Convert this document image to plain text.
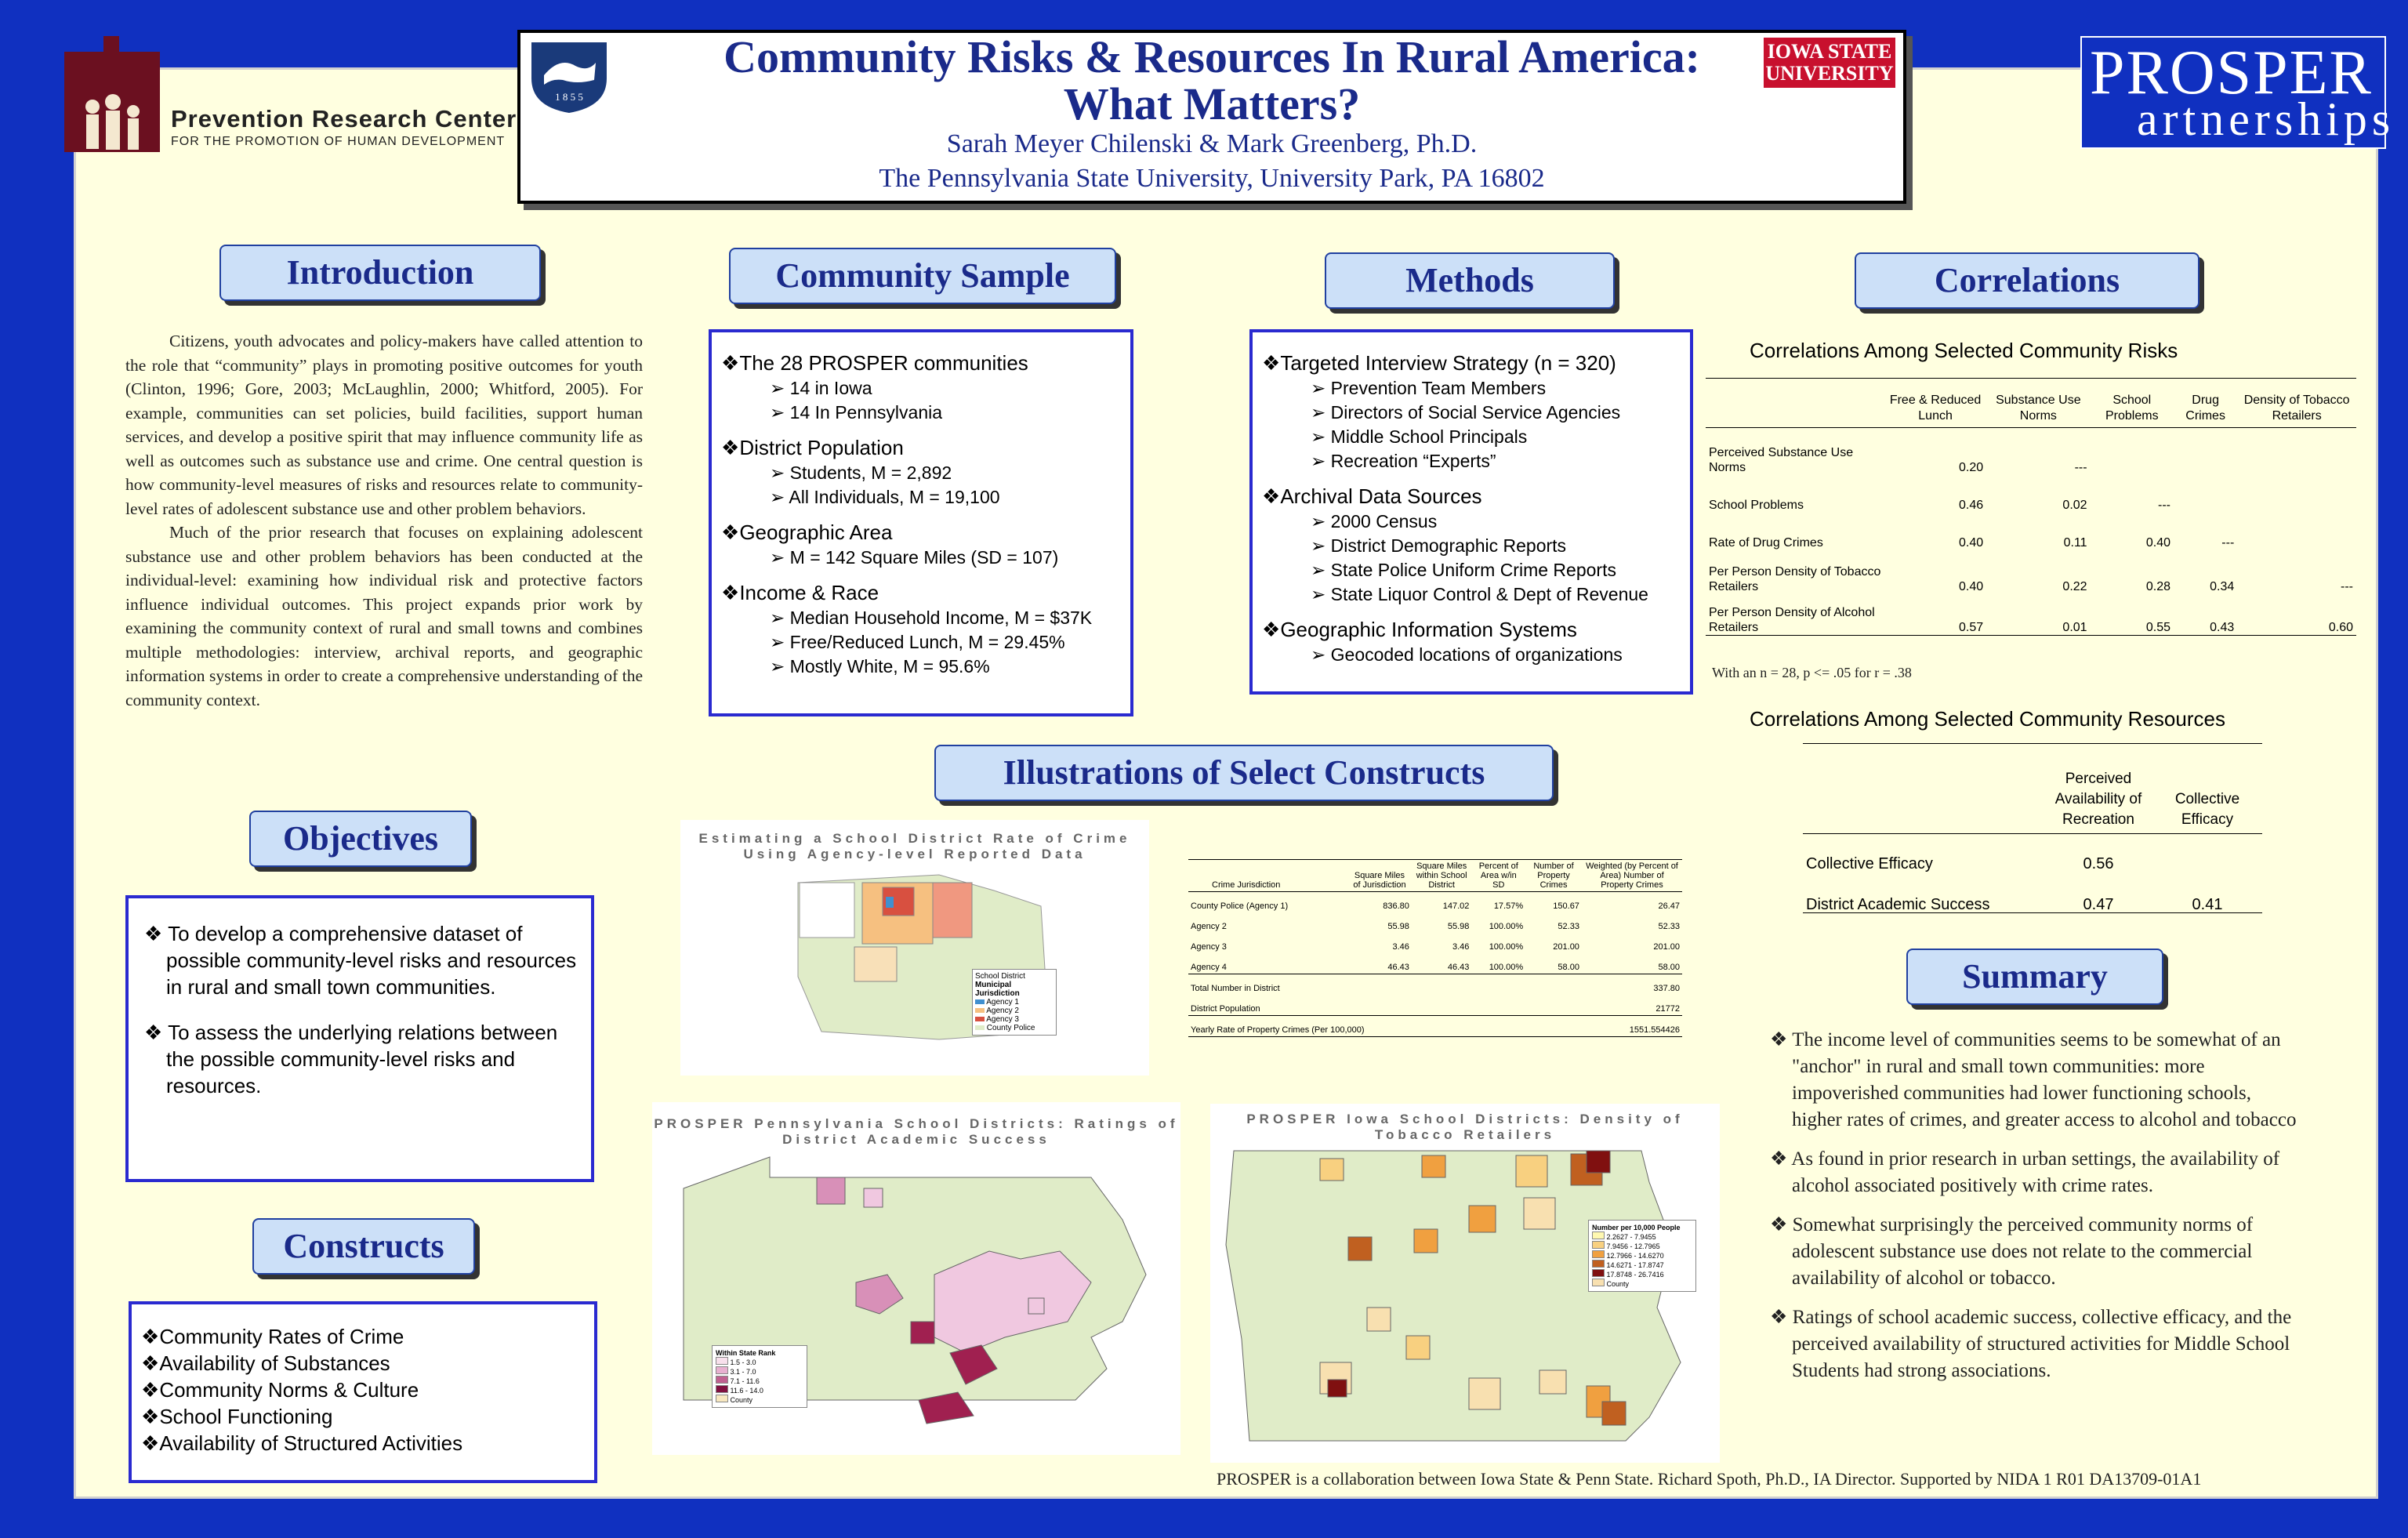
Prevention Research Center
FOR THE PROMOTION OF HUMAN DEVELOPMENT
PROSPER
artnerships
1 8 5 5
IOWA STATE
UNIVERSITY
Community Risks & Resources In Rural America:
What Matters?
Sarah Meyer Chilenski & Mark Greenberg, Ph.D.
The Pennsylvania State University, University Park, PA 16802
Introduction
Objectives
Constructs
Community Sample	Methods
Illustrations of Select Constructs
Correlations
Summary

Citizens, youth advocates and policy-makers have called attention to the role that “community” plays in promoting positive outcomes for youth (Clinton, 1996; Gore, 2003; McLaughlin, 2000; Whitford, 2005). For example, communities can set policies, build facilities, support human services, and develop a positive spirit that may influence community life as well as outcomes such as substance use and crime. One central question is how community-level measures of risks and resources relate to community-level rates of adolescent substance use and other problem behaviors.

Much of the prior research that focuses on explaining adolescent substance use and other problem behaviors has been conducted at the individual-level: examining how individual risk and protective factors influence individual outcomes. This project expands prior work by examining the community context of rural and small towns and combines multiple methodologies: interview, archival reports, and geographic information systems in order to create a comprehensive understanding of the community context.

❖ To develop a comprehensive dataset of possible community-level risks and resources in rural and small town communities.
❖ To assess the underlying relations between the possible community-level risks and resources.
❖Community Rates of Crime
❖Availability of Substances
❖Community Norms & Culture
❖School Functioning
❖Availability of Structured Activities
❖The 28 PROSPER communities
➢ 14 in Iowa
➢ 14 In Pennsylvania
❖District Population
➢ Students, M = 2,892
➢ All Individuals, M = 19,100
❖Geographic Area
➢ M = 142 Square Miles (SD = 107)
❖Income & Race
➢ Median Household Income, M = $37K
➢ Free/Reduced Lunch, M = 29.45%
➢ Mostly White, M = 95.6%
❖Targeted Interview Strategy (n = 320)
➢ Prevention Team Members
➢ Directors of Social Service Agencies
➢ Middle School Principals
➢ Recreation “Experts”
❖Archival Data Sources
➢ 2000 Census
➢ District Demographic Reports
➢ State Police Uniform Crime Reports
➢ State Liquor Control & Dept of Revenue
❖Geographic Information Systems
➢ Geocoded locations of organizations
Correlations Among Selected Community Risks
	Free & Reduced Lunch	Substance Use Norms	School Problems	Drug Crimes	Density of Tobacco Retailers
Perceived Substance Use Norms	0.20	---			
School Problems	0.46	0.02	---		
Rate of Drug Crimes	0.40	0.11	0.40	---	
Per Person Density of Tobacco Retailers	0.40	0.22	0.28	0.34	---
Per Person Density of Alcohol Retailers	0.57	0.01	0.55	0.43	0.60
With an n = 28, p <= .05 for r = .38
Correlations Among Selected Community Resources
	Perceived Availability of Recreation	Collective Efficacy
Collective Efficacy	0.56	
District Academic Success	0.47	0.41
Estimating a School District Rate of Crime Using Agency-level Reported Data
School District
Municipal Jurisdiction
Agency 1
Agency 2
Agency 3
County Police
Crime Jurisdiction	Square Miles of Jurisdiction	Square Miles within School District	Percent of Area w/in SD	Number of Property Crimes	Weighted (by Percent of Area) Number of Property Crimes
County Police (Agency 1)	836.80	147.02	17.57%	150.67	26.47
Agency 2	55.98	55.98	100.00%	52.33	52.33
Agency 3	3.46	3.46	100.00%	201.00	201.00
Agency 4	46.43	46.43	100.00%	58.00	58.00
Total Number in District					337.80
District Population					21772
Yearly Rate of Property Crimes (Per 100,000)					1551.554426
PROSPER Pennsylvania School Districts: Ratings of District Academic Success
Within State Rank
1.5 - 3.0
3.1 - 7.0
7.1 - 11.6
11.6 - 14.0
County
PROSPER Iowa School Districts: Density of Tobacco Retailers
Number per 10,000 People
2.2627 - 7.9455
7.9456 - 12.7965
12.7966 - 14.6270
14.6271 - 17.8747
17.8748 - 26.7416
County
❖ The income level of communities seems to be somewhat of an "anchor" in rural and small town communities: more impoverished communities had lower functioning schools, higher rates of crimes, and greater access to alcohol and tobacco
❖ As found in prior research in urban settings, the availability of alcohol associated positively with crime rates.
❖ Somewhat surprisingly the perceived community norms of adolescent substance use does not relate to the commercial availability of alcohol or tobacco.
❖ Ratings of school academic success, collective efficacy, and the perceived availability of structured activities for Middle School Students had strong associations.
PROSPER is a collaboration between Iowa State & Penn State. Richard Spoth, Ph.D., IA Director. Supported by NIDA 1 R01 DA13709-01A1
